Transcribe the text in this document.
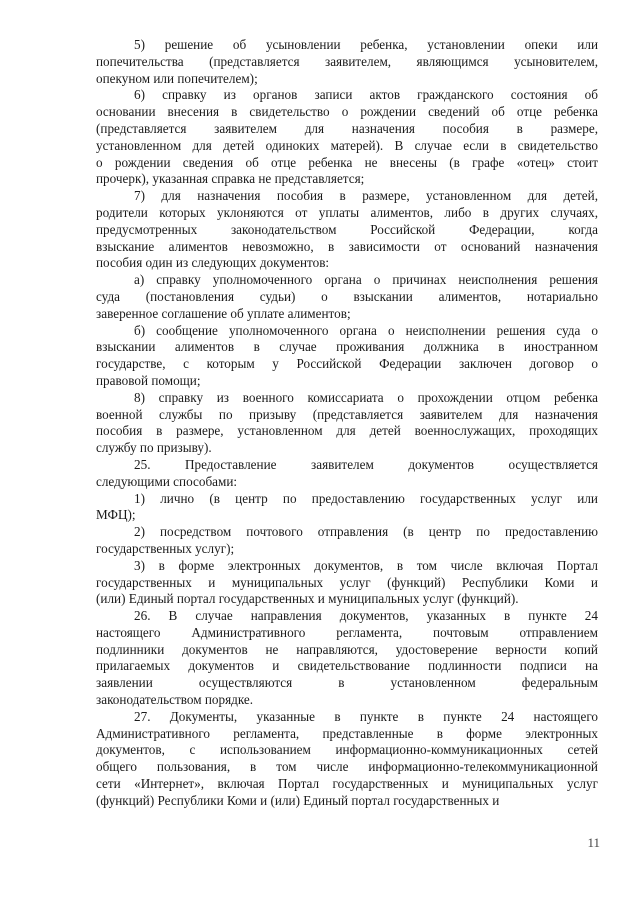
5) решение об усыновлении ребенка, установлении опеки или
попечительства (представляется заявителем, являющимся усыновителем,
опекуном или попечителем);

6) справку из органов записи актов гражданского состояния об
основании внесения в свидетельство о рождении сведений об отце ребенка
(представляется заявителем для назначения пособия в размере,
установленном для детей одиноких матерей). В случае если в свидетельство
о рождении сведения об отце ребенка не внесены (в графе «отец» стоит
прочерк), указанная справка не представляется;

7) для назначения пособия в размере, установленном для детей,
родители которых уклоняются от уплаты алиментов, либо в других случаях,
предусмотренных законодательством Российской Федерации, когда
взыскание алиментов невозможно, в зависимости от оснований назначения
пособия один из следующих документов:

а) справку уполномоченного органа о причинах неисполнения решения
суда (постановления судьи) о взыскании алиментов, нотариально
заверенное соглашение об уплате алиментов;

б) сообщение уполномоченного органа о неисполнении решения суда о
взыскании алиментов в случае проживания должника в иностранном
государстве, с которым у Российской Федерации заключен договор о
правовой помощи;

8) справку из военного комиссариата о прохождении отцом ребенка
военной службы по призыву (представляется заявителем для назначения
пособия в размере, установленном для детей военнослужащих, проходящих
службу по призыву).

25. Предоставление заявителем документов осуществляется
следующими способами:

1) лично (в центр по предоставлению государственных услуг или
МФЦ);

2) посредством почтового отправления (в центр по предоставлению
государственных услуг);

3) в форме электронных документов, в том числе включая Портал
государственных и муниципальных услуг (функций) Республики Коми и
(или) Единый портал государственных и муниципальных услуг (функций).

26. В случае направления документов, указанных в пункте 24
настоящего Административного регламента, почтовым отправлением
подлинники документов не направляются, удостоверение верности копий
прилагаемых документов и свидетельствование подлинности подписи на
заявлении осуществляются в установленном федеральным
законодательством порядке.

27. Документы, указанные в пункте в пункте 24 настоящего
Административного регламента, представленные в форме электронных
документов, с использованием информационно-коммуникационных сетей
общего пользования, в том числе информационно-телекоммуникационной
сети «Интернет», включая Портал государственных и муниципальных услуг
(функций) Республики Коми и (или) Единый портал государственных и

11
